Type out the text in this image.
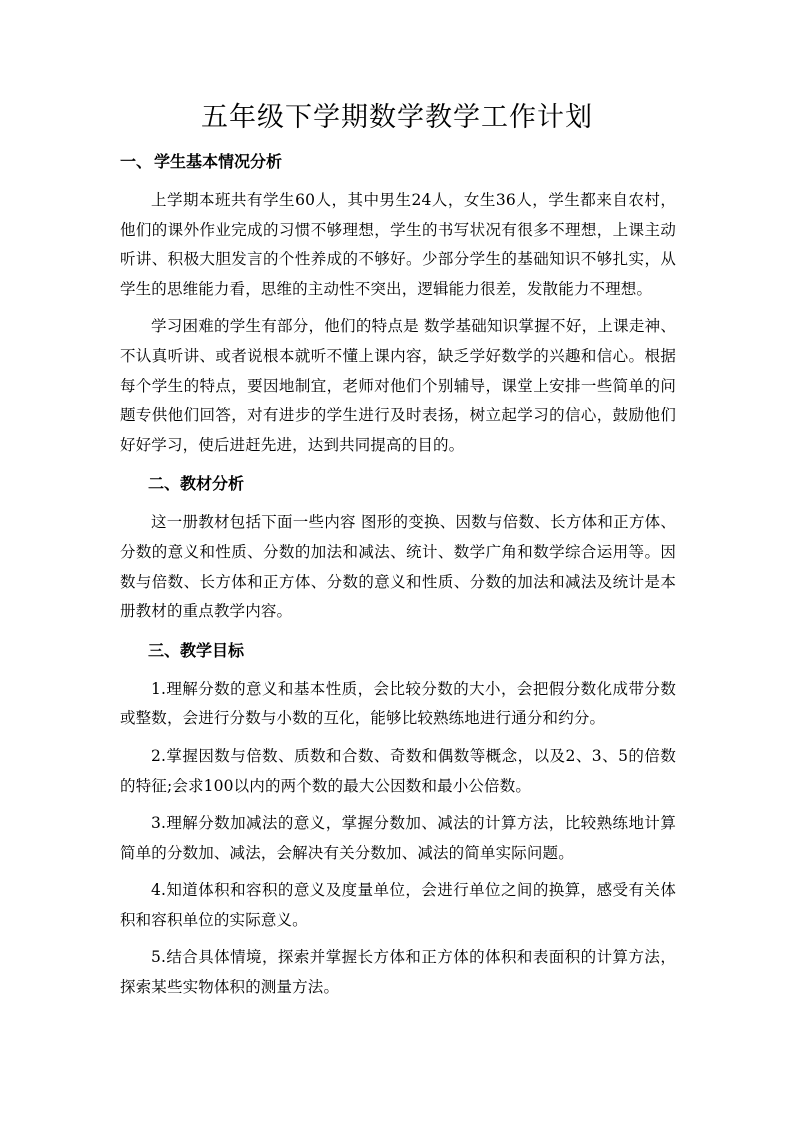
五年级下学期数学教学工作计划
一、 学生基本情况分析

上学期本班共有学生60人，其中男生24人，女生36人，学生都来自农村，他们的课外作业完成的习惯不够理想，学生的书写状况有很多不理想，上课主动听讲、积极大胆发言的个性养成的不够好。少部分学生的基础知识不够扎实，从学生的思维能力看，思维的主动性不突出，逻辑能力很差，发散能力不理想。

学习困难的学生有部分，他们的特点是 数学基础知识掌握不好，上课走神、不认真听讲、或者说根本就听不懂上课内容，缺乏学好数学的兴趣和信心。根据每个学生的特点，要因地制宜，老师对他们个别辅导，课堂上安排一些简单的问题专供他们回答，对有进步的学生进行及时表扬，树立起学习的信心，鼓励他们好好学习，使后进赶先进，达到共同提高的目的。

二、教材分析

这一册教材包括下面一些内容 图形的变换、因数与倍数、长方体和正方体、分数的意义和性质、分数的加法和减法、统计、数学广角和数学综合运用等。因数与倍数、长方体和正方体、分数的意义和性质、分数的加法和减法及统计是本册教材的重点教学内容。

三、教学目标

1.理解分数的意义和基本性质，会比较分数的大小，会把假分数化成带分数或整数，会进行分数与小数的互化，能够比较熟练地进行通分和约分。

2.掌握因数与倍数、质数和合数、奇数和偶数等概念，以及2、3、5的倍数的特征;会求100以内的两个数的最大公因数和最小公倍数。

3.理解分数加减法的意义，掌握分数加、减法的计算方法，比较熟练地计算简单的分数加、减法，会解决有关分数加、减法的简单实际问题。

4.知道体积和容积的意义及度量单位，会进行单位之间的换算，感受有关体积和容积单位的实际意义。

5.结合具体情境，探索并掌握长方体和正方体的体积和表面积的计算方法，探索某些实物体积的测量方法。
